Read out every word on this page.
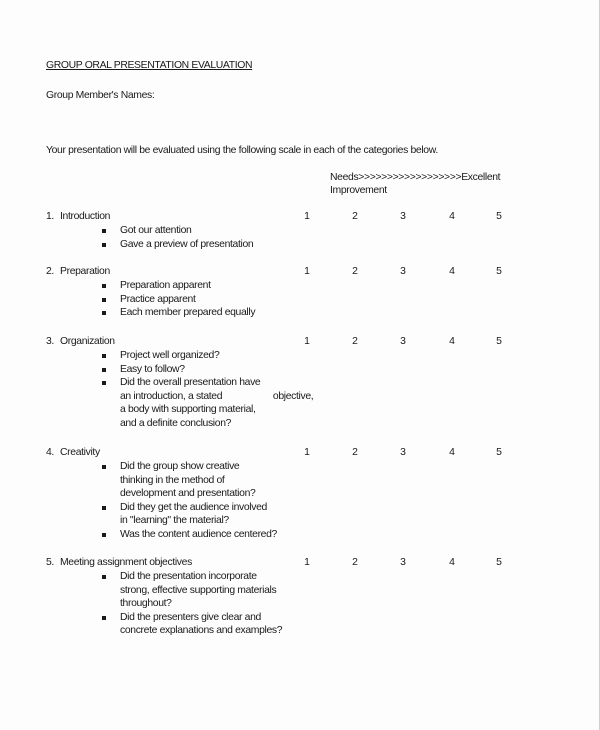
GROUP ORAL PRESENTATION EVALUATION
Group Member's Names:
Your presentation will be evaluated using the following scale in each of the categories below.
Needs>>>>>>>>>>>>>>>>>>Excellent
Improvement
1. Introduction	1	2	3	4	5
Got our attention
Gave a preview of presentation
2. Preparation	1	2	3	4	5
Preparation apparent
Practice apparent
Each member prepared equally
3. Organization	1	2	3	4	5
Project well organized?
Easy to follow?
Did the overall presentation have
an introduction, a stated                    objective,
a body with supporting material,
and a definite conclusion?
4. Creativity	1	2	3	4	5
Did the group show creative
thinking in the method of
development and presentation?
Did they get the audience involved
in "learning" the material?
Was the content audience centered?
5. Meeting assignment objectives	1	2	3	4	5
Did the presentation incorporate
strong, effective supporting materials
throughout?
Did the presenters give clear and
concrete explanations and examples?
